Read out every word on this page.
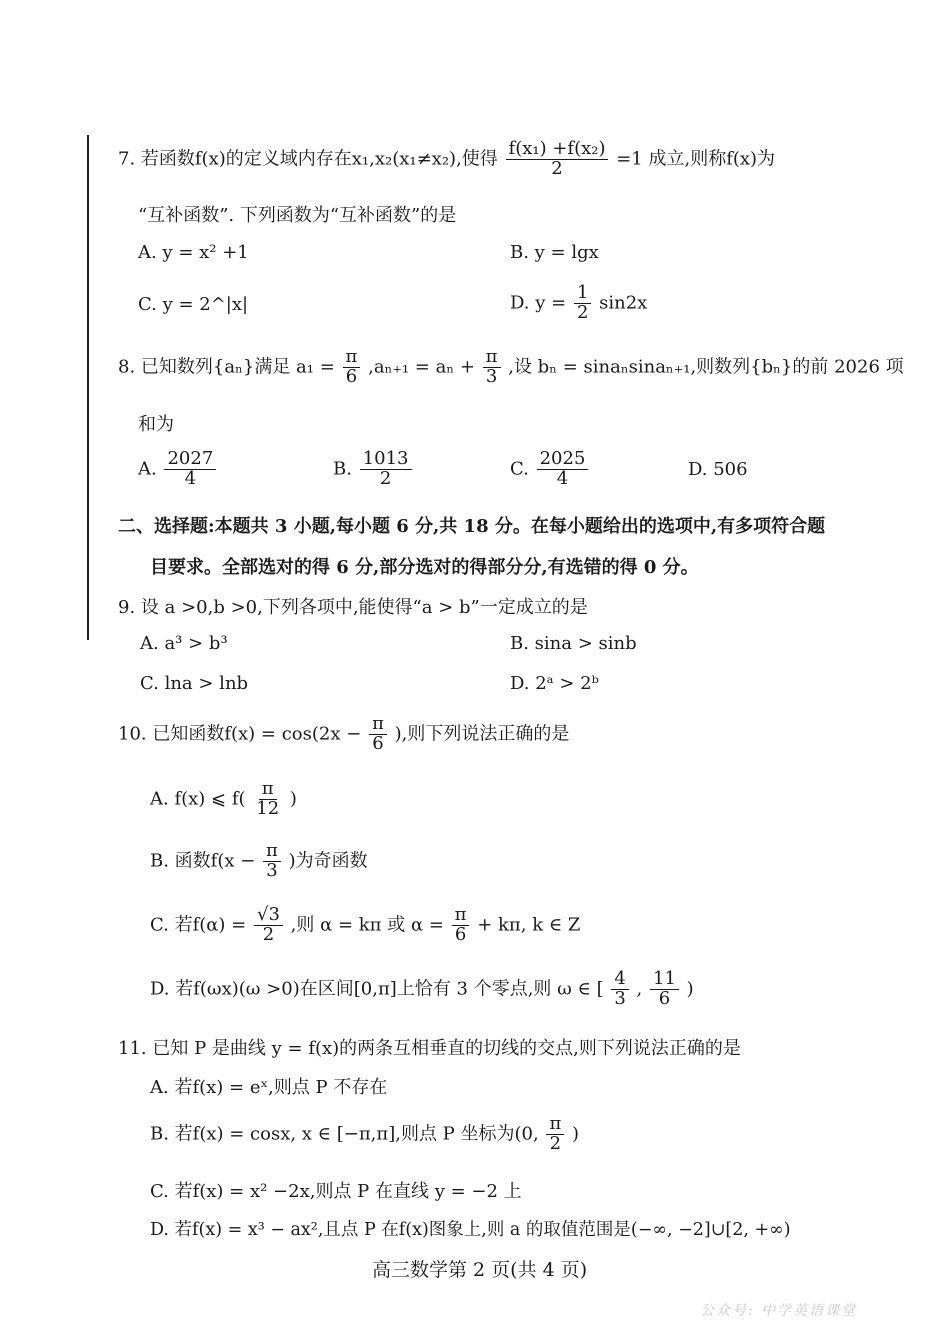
7. 若函数f(x)的定义域内存在x₁,x₂(x₁≠x₂),使得 $\frac{\text{f(x₁) +f(x₂)}}{2} =1$ 成立,则称f(x)为
“互补函数”. 下列函数为“互补函数”的是
A. y = x² +1	B. y = lgx
C. y = 2^|x|	D. $y = \frac{1}{2} \sin 2x$
8. 已知数列{aₙ}满足 $a_1 = \frac{\pi}{6} ,a_{n+1} = a_n + \frac{\pi}{3}$ ,设 bₙ = sinaₙsinaₙ₊₁,则数列{bₙ}的前 2026 项
和为
A. $\frac{2027}{4}$	B. $\frac{1013}{2}$	C. $\frac{2025}{4}$	D. 506
二、选择题:本题共 3 小题,每小题 6 分,共 18 分。在每小题给出的选项中,有多项符合题
目要求。全部选对的得 6 分,部分选对的得部分分,有选错的得 0 分。
9. 设 a >0,b >0,下列各项中,能使得“a > b”一定成立的是
A. a³ > b³	B. sina > sinb
C. lna > lnb	D. 2ᵃ > 2ᵇ
10. 已知函数$f(x) = \cos(2x - \frac{\pi}{6}$ ),则下列说法正确的是
A. f(x) ⩽ $f( \frac{\pi}{12}$ )
B. 函数$f(x - \frac{\pi}{3}$ )为奇函数
C. 若$f(\alpha) = \frac{√3}{2}$ ,则 α = kπ 或 $\alpha = \frac{\pi}{6} + k\pi$, k ∈ Z
D. 若f(ωx)(ω >0)在区间[0,π]上恰有 3 个零点,则 ω ∈ [ $\frac{4}{3}$ , $\frac{11}{6}$ )
11. 已知 P 是曲线 y = f(x)的两条互相垂直的切线的交点,则下列说法正确的是
A. 若f(x) = eˣ,则点 P 不存在
B. 若f(x) = cosx, x ∈ [−π,π],则点 P 坐标为(0, $\frac{\pi}{2}$ )
C. 若f(x) = x² −2x,则点 P 在直线 y = −2 上
D. 若f(x) = x³ − ax²,且点 P 在f(x)图象上,则 a 的取值范围是(−∞, −2]∪[2, +∞)
高三数学第 2 页(共 4 页)
公众号: 中学英语课堂
